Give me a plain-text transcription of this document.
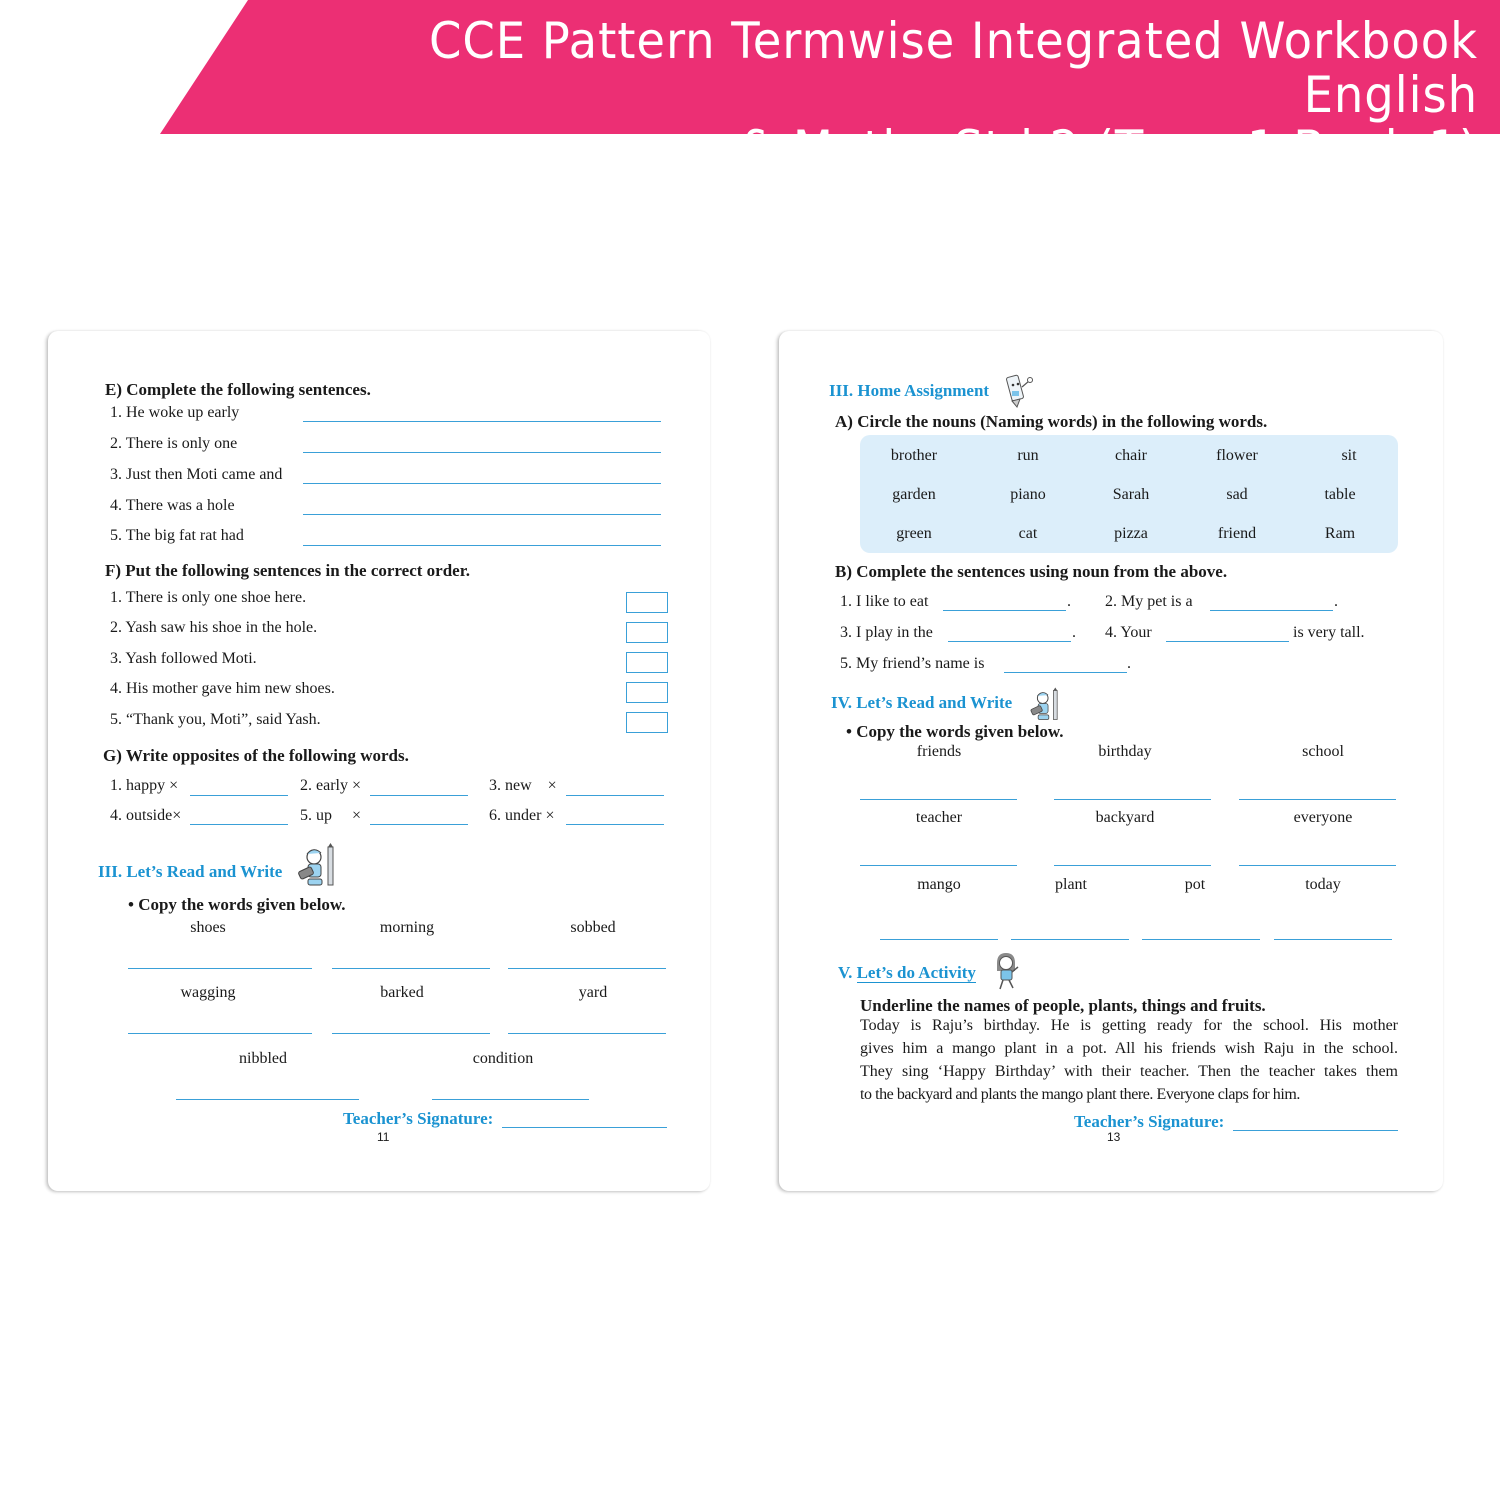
CCE Pattern Termwise Integrated Workbook English
& Maths Std 2 (Term 1 Book 1)
E) Complete the following sentences.
1. He woke up early
2. There is only one
3. Just then Moti came and
4. There was a hole
5. The big fat rat had
F) Put the following sentences in the correct order.
1. There is only one shoe here.
2. Yash saw his shoe in the hole.
3. Yash followed Moti.
4. His mother gave him new shoes.
5. “Thank you, Moti”, said Yash.
G) Write opposites of the following words.
1. happy ×	2. early ×	3. new ×
4. outside×	5. up ×	6. under ×
III. Let’s Read and Write
• Copy the words given below.
shoes	morning	sobbed
wagging	barked	yard
nibbled	condition
Teacher’s Signature:
11
III. Home Assignment
A) Circle the nouns (Naming words) in the following words.
brother	run	chair	flower	sit
garden	piano	Sarah	sad	table
green	cat	pizza	friend	Ram
B) Complete the sentences using noun from the above.
1. I like to eat	. 2. My pet is a	.
3. I play in the	. 4. Your	is very tall.
5. My friend’s name is	.
IV. Let’s Read and Write
• Copy the words given below.
friends	birthday	school
teacher	backyard	everyone
mango	plant	pot	today
V. Let’s do Activity
Underline the names of people, plants, things and fruits.
Today is Raju’s birthday. He is getting ready for the school. His mother
gives him a mango plant in a pot. All his friends wish Raju in the school.
They sing ‘Happy Birthday’ with their teacher. Then the teacher takes them
to the backyard and plants the mango plant there. Everyone claps for him.
Teacher’s Signature:
13
